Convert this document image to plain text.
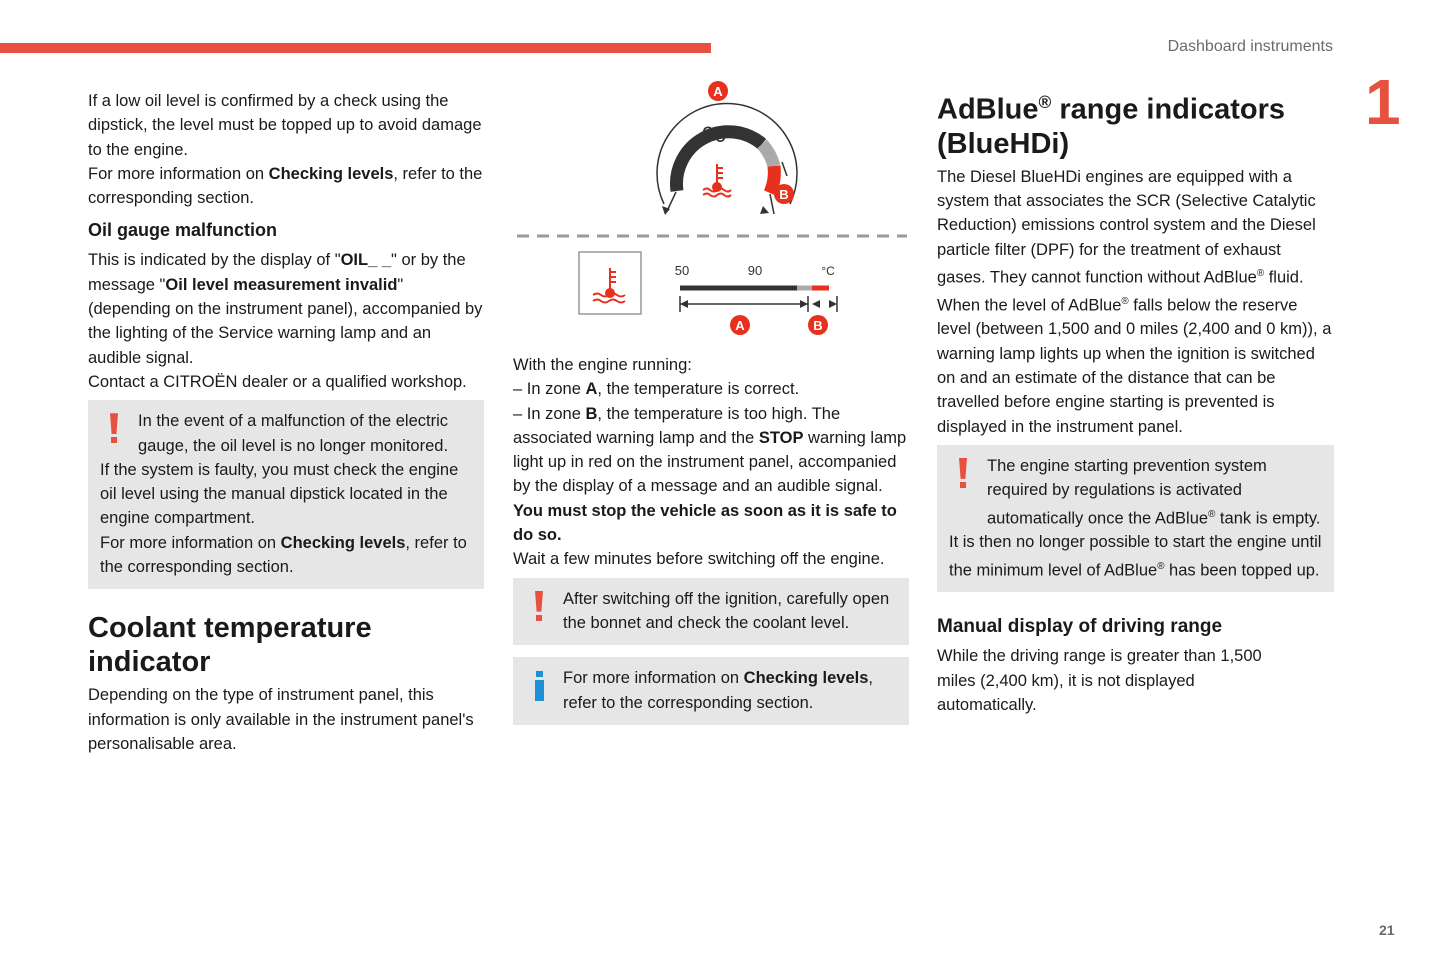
Dashboard instruments
1

If a low oil level is confirmed by a check using the dipstick, the level must be topped up to avoid damage to the engine.

For more information on Checking levels, refer to the corresponding section.

Oil gauge malfunction

This is indicated by the display of "OIL_ _" or by the message "Oil level measurement invalid" (depending on the instrument panel), accompanied by the lighting of the Service warning lamp and an audible signal.

Contact a CITROËN dealer or a qualified workshop.

In the event of a malfunction of the electric gauge, the oil level is no longer monitored.

If the system is faulty, you must check the engine oil level using the manual dipstick located in the engine compartment.

For more information on Checking levels, refer to the corresponding section.

Coolant temperature indicator

Depending on the type of instrument panel, this information is only available in the instrument panel's personalisable area.

90°
A
B
50	90	°C
A	B

With the engine running:

– In zone A, the temperature is correct.

– In zone B, the temperature is too high. The associated warning lamp and the STOP warning lamp light up in red on the instrument panel, accompanied by the display of a message and an audible signal.

You must stop the vehicle as soon as it is safe to do so.

Wait a few minutes before switching off the engine.

After switching off the ignition, carefully open the bonnet and check the coolant level.

For more information on Checking levels, refer to the corresponding section.

AdBlue® range indicators (BlueHDi)

The Diesel BlueHDi engines are equipped with a system that associates the SCR (Selective Catalytic Reduction) emissions control system and the Diesel particle filter (DPF) for the treatment of exhaust gases. They cannot function without AdBlue® fluid.

When the level of AdBlue® falls below the reserve level (between 1,500 and 0 miles (2,400 and 0 km)), a warning lamp lights up when the ignition is switched on and an estimate of the distance that can be travelled before engine starting is prevented is displayed in the instrument panel.

The engine starting prevention system required by regulations is activated automatically once the AdBlue® tank is empty.

It is then no longer possible to start the engine until the minimum level of AdBlue® has been topped up.

Manual display of driving range

While the driving range is greater than 1,500 miles (2,400 km), it is not displayed automatically.

21
